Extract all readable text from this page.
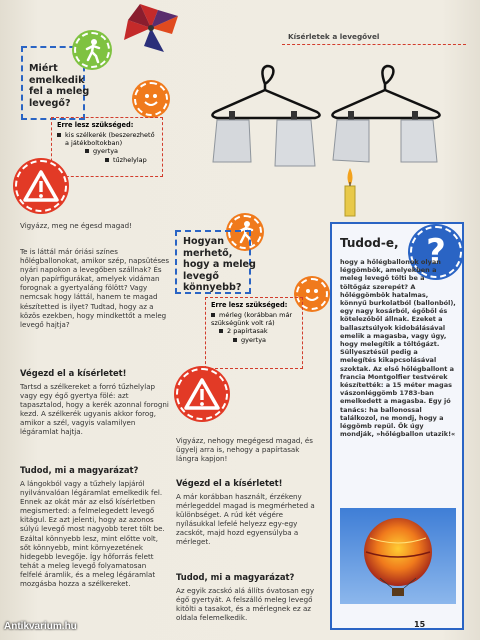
Kísérletek a levegővel
Miért emelkedik fel a meleg levegő?
Erre lesz szükséged:
kis szélkerék (beszerezhető a játékboltokban)
gyertya
tűzhelylap
Vigyázz, meg ne égesd magad!
Te is láttál már óriási színes hőlégballonokat, amikor szép, napsütéses nyári napokon a levegőben szállnak? És olyan papírfigurákat, amelyek vidáman forognak a gyertyaláng fölött? Vagy nemcsak hogy láttál, hanem te magad készítetted is ilyet? Tudtad, hogy az a közös ezekben, hogy mindkettőt a meleg levegő hajtja?
Végezd el a kísérletet!
Tartsd a szélkereket a forró tűzhelylap vagy egy égő gyertya fölé: azt tapasztalod, hogy a kerék azonnal forogni kezd. A szélkerék ugyanis akkor forog, amikor a szél, vagyis valamilyen légáramlat hajtja.
Tudod, mi a magyarázat?
A lángokból vagy a tűzhely lapjáról nyilvánvalóan légáramlat emelkedik fel. Ennek az okát már az első kísérletben megismerted: a felmelegedett levegő kitágul. Ez azt jelenti, hogy az azonos súlyú levegő most nagyobb teret tölt be. Ezáltal könnyebb lesz, mint előtte volt, sőt könnyebb, mint környezetének hidegebb levegője. Így hőforrás felett tehát a meleg levegő folyamatosan felfelé áramlik, és a meleg légáramlat mozgásba hozza a szélkereket.
Hogyan merhető, hogy a meleg levegő könnyebb?
Erre lesz szükséged:
mérleg (korábban már szükségünk volt rá)
2 papírtasak
gyertya
Vigyázz, nehogy megégesd magad, és ügyelj arra is, nehogy a papírtasak lángra kapjon!
Végezd el a kísérletet!
A már korábban használt, érzékeny mérlegeddel magad is megmérheted a különbséget. A rúd két végére nyílásukkal lefelé helyezz egy-egy zacskót, majd hozd egyensúlyba a mérleget.
Tudod, mi a magyarázat?
Az egyik zacskó alá állíts óvatosan egy égő gyertyát. A felszálló meleg levegő kitölti a tasakot, és a mérlegnek ez az oldala felemelkedik.
?
Tudod-e,
hogy a hőlégballonok olyan léggömbök, amelyekben a meleg levegő tölti be a töltőgáz szerepét? A hőléggömbök hatalmas, könnyű burkolatból (ballonból), egy nagy kosárból, égőből és kötelezőből állnak. Ezeket a ballasztsúlyok kidobálásával emelik a magasba, vagy úgy, hogy melegítik a töltőgázt. Süllyesztésül pedig a melegítés kikapcsolásával szoktak. Az első hőlégballont a francia Montgolfier testvérek készítették: a 15 méter magas vászonléggömb 1783-ban emelkedett a magasba. Egy jó tanács: ha ballonossal találkozol, ne mondj, hogy a léggömb repül. Ők úgy mondják, »hőlégballon utazik!«
15
Antikvarium.hu
